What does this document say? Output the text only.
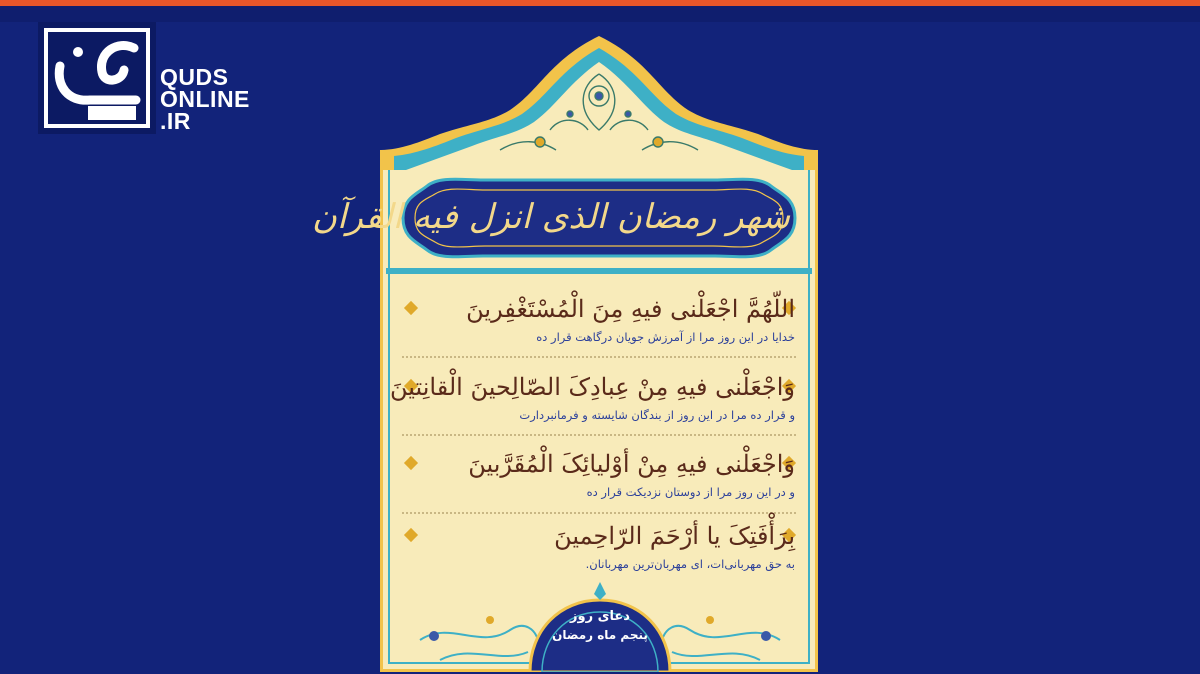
QUDS
ONLINE
.IR
شهر رمضان الذی انزل فیه القرآن
اللّهُمَّ اجْعَلْنی فیهِ مِنَ الْمُسْتَغْفِرینَ
خدایا در این روز مرا از آمرزش جویان درگاهت قرار ده
وَاجْعَلْنی فیهِ مِنْ عِبادِکَ الصّالِحینَ الْقانِتینَ
و قرار ده مرا در این روز از بندگان شایسته و فرمانبردارت
وَاجْعَلْنی فیهِ مِنْ أوْلیائِکَ الْمُقَرَّبینَ
و در این روز مرا از دوستان نزدیکت قرار ده
بِرَأْفَتِکَ یا أرْحَمَ الرّاحِمینَ
به حق مهربانی‌ات، ای مهربان‌ترین مهربانان.
دعای روز
پنجم ماه رمضان
